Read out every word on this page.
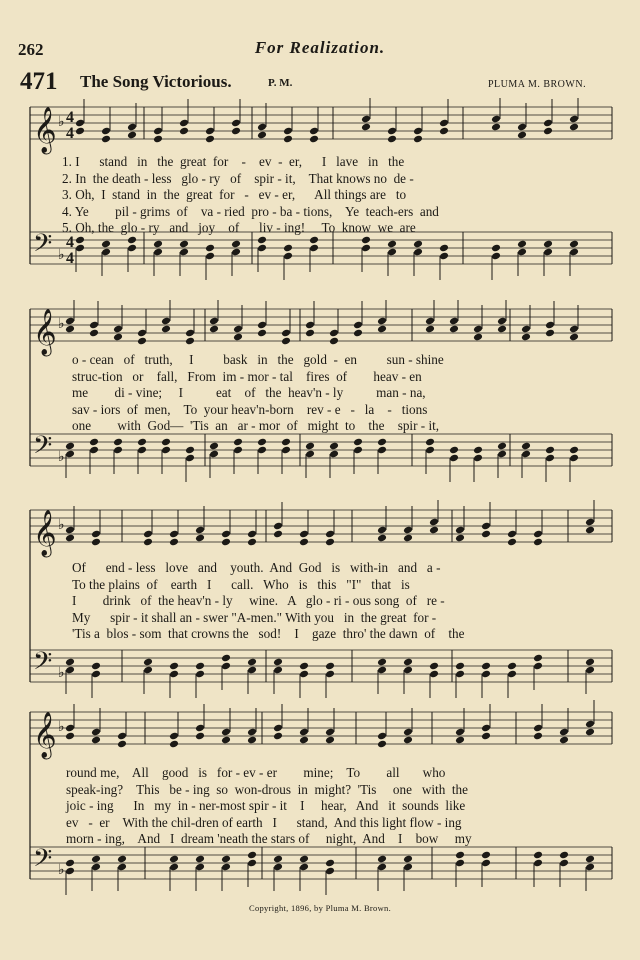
262	For Realization.
471 The Song Victorious.	P. M.	PLUMA M. BROWN.
𝄞
𝄢
♭
♭
4
4
4
4
1. I      stand   in   the  great  for    -    ev  -  er,      I   lave   in   the
2. In  the death - less   glo - ry   of    spir - it,    That knows no  de -
3. Oh,  I  stand  in  the  great  for   -   ev - er,      All things are   to
4. Ye        pil - grims  of    va - ried  pro - ba - tions,    Ye  teach-ers  and
5. Oh, the  glo - ry   and   joy    of      liv - ing!     To  know  we  are
𝄞
𝄢
♭
♭
o - cean   of   truth,     I         bask   in   the   gold  -  en         sun - shine
struc-tion   or    fall,   From  im - mor - tal    fires  of        heav - en
me        di - vine;     I          eat    of   the  heav'n - ly          man - na,
sav - iors  of  men,    To  your heav'n-born    rev - e   -   la    -   tions
one        with  God—  'Tis  an   ar - mor  of   might  to    the    spir - it,
𝄞
𝄢
♭
♭
Of      end - less   love   and    youth.  And  God   is   with-in   and   a -
To the plains  of    earth   I      call.   Who   is   this   "I"   that   is
I        drink   of  the heav'n - ly     wine.   A   glo - ri - ous song  of   re -
My      spir - it shall an - swer "A-men." With you   in  the great  for -
'Tis a  blos - som  that crowns the   sod!    I    gaze  thro' the dawn  of    the
𝄞
𝄢
♭
♭
round me,    All    good   is   for - ev - er        mine;    To        all       who
speak-ing?    This   be - ing  so  won-drous  in  might?  'Tis     one   with  the
joic - ing      In   my  in - ner-most spir - it    I     hear,   And   it  sounds  like
ev   -  er    With the chil-dren of earth   I      stand,  And this light flow - ing
morn - ing,    And   I  dream 'neath the stars of     night,  And    I    bow     my
Copyright, 1896, by Pluma M. Brown.
